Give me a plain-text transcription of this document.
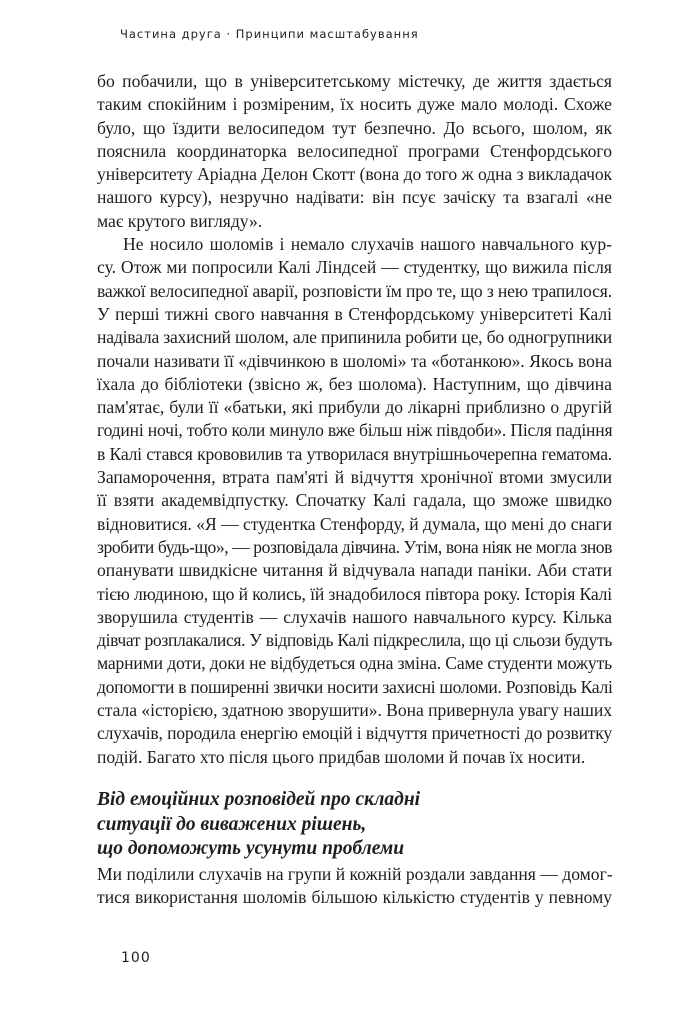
Частина друга · Принципи масштабування
бо побачили, що в університетському містечку, де життя здається
таким спокійним і розміреним, їх носить дуже мало молоді. Схоже
було, що їздити велосипедом тут безпечно. До всього, шолом, як
пояснила координаторка велосипедної програми Стенфордського
університету Аріадна Делон Скотт (вона до того ж одна з викладачок
нашого курсу), незручно надівати: він псує зачіску та взагалі «не
має крутого вигляду».
Не носило шоломів і немало слухачів нашого навчального кур-
су. Отож ми попросили Калі Ліндсей — студентку, що вижила після
важкої велосипедної аварії, розповісти їм про те, що з нею трапилося.
У перші тижні свого навчання в Стенфордському університеті Калі
надівала захисний шолом, але припинила робити це, бо одногрупники
почали називати її «дівчинкою в шоломі» та «ботанкою». Якось вона
їхала до бібліотеки (звісно ж, без шолома). Наступним, що дівчина
пам'ятає, були її «батьки, які прибули до лікарні приблизно о другій
годині ночі, тобто коли минуло вже більш ніж півдоби». Після падіння
в Калі стався крововилив та утворилася внутрішньочерепна гематома.
Запаморочення, втрата пам'яті й відчуття хронічної втоми змусили
її взяти академвідпустку. Спочатку Калі гадала, що зможе швидко
відновитися. «Я — студентка Стенфорду, й думала, що мені до снаги
зробити будь-що», — розповідала дівчина. Утім, вона ніяк не могла знов
опанувати швидкісне читання й відчувала напади паніки. Аби стати
тією людиною, що й колись, їй знадобилося півтора року. Історія Калі
зворушила студентів — слухачів нашого навчального курсу. Кілька
дівчат розплакалися. У відповідь Калі підкреслила, що ці сльози будуть
марними доти, доки не відбудеться одна зміна. Саме студенти можуть
допомогти в поширенні звички носити захисні шоломи. Розповідь Калі
стала «історією, здатною зворушити». Вона привернула увагу наших
слухачів, породила енергію емоцій і відчуття причетності до розвитку
подій. Багато хто після цього придбав шоломи й почав їх носити.
Від емоційних розповідей про складні
ситуації до виважених рішень,
що допоможуть усунути проблеми
Ми поділили слухачів на групи й кожній роздали завдання — домог-
тися використання шоломів більшою кількістю студентів у певному
100
